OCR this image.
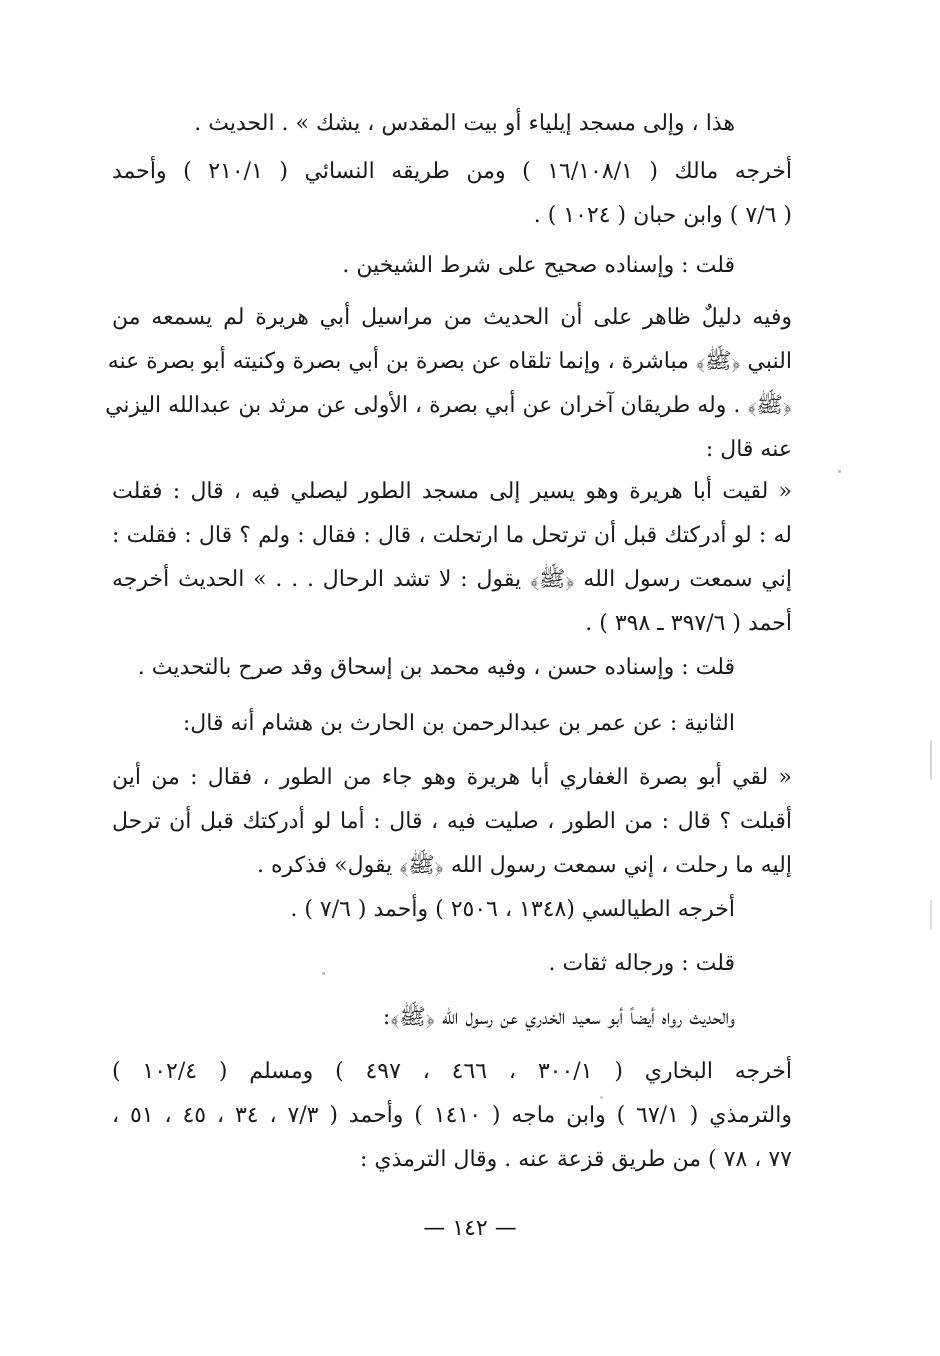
هذا ، وإلى مسجد إيلياء أو بيت المقدس ، يشك » . الحديث .
أخرجه مالك ( ١٦/١٠٨/١ ) ومن طريقه النسائي ( ٢١٠/١ ) وأحمد
( ٧/٦ ) وابن حبان ( ١٠٢٤ ) .
قلت : وإسناده صحيح على شرط الشيخين .
وفيه دليلٌ ظاهر على أن الحديث من مراسيل أبي هريرة لم يسمعه من
النبي ﴿ﷺ﴾ مباشرة ، وإنما تلقاه عن بصرة بن أبي بصرة وكنيته أبو بصرة عنه
﴿ﷺ﴾ . وله طريقان آخران عن أبي بصرة ، الأولى عن مرثد بن عبدالله اليزني
عنه قال :
« لقيت أبا هريرة وهو يسير إلى مسجد الطور ليصلي فيه ، قال : فقلت
له : لو أدركتك قبل أن ترتحل ما ارتحلت ، قال : فقال : ولم ؟ قال : فقلت :
إني سمعت رسول الله ﴿ﷺ﴾ يقول : لا تشد الرحال . . . » الحديث أخرجه
أحمد ( ٣٩٧/٦ ـ ٣٩٨ ) .
قلت : وإسناده حسن ، وفيه محمد بن إسحاق وقد صرح بالتحديث .
الثانية : عن عمر بن عبدالرحمن بن الحارث بن هشام أنه قال:
« لقي أبو بصرة الغفاري أبا هريرة وهو جاء من الطور ، فقال : من أين
أقبلت ؟ قال : من الطور ، صليت فيه ، قال : أما لو أدركتك قبل أن ترحل
إليه ما رحلت ، إني سمعت رسول الله ﴿ﷺ﴾ يقول» فذكره .
أخرجه الطيالسي (١٣٤٨ ، ٢٥٠٦ ) وأحمد ( ٧/٦ ) .
قلت : ورجاله ثقات .
والحديث رواه أيضاً أبو سعيد الخدري عن رسول الله ﴿ﷺ﴾:
أخرجه البخاري ( ٣٠٠/١ ، ٤٦٦ ، ٤٩٧ ) ومسلم ( ١٠٢/٤ )
والترمذي ( ٦٧/١ ) وابن ماجه ( ١٤١٠ ) وأحمد ( ٧/٣ ، ٣٤ ، ٤٥ ، ٥١ ،
٧٧ ، ٧٨ ) من طريق قزعة عنه . وقال الترمذي :
— ١٤٢ —
